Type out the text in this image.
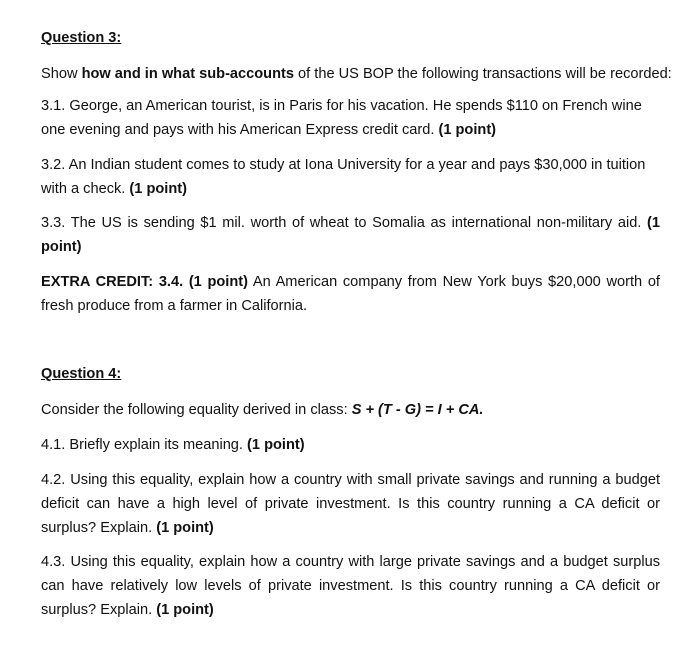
Question 3:

Show how and in what sub-accounts of the US BOP the following transactions will be recorded:

3.1. George, an American tourist, is in Paris for his vacation. He spends $110 on French wine one evening and pays with his American Express credit card. (1 point)

3.2. An Indian student comes to study at Iona University for a year and pays $30,000 in tuition with a check. (1 point)

3.3. The US is sending $1 mil. worth of wheat to Somalia as international non-military aid. (1 point)

EXTRA CREDIT: 3.4. (1 point) An American company from New York buys $20,000 worth of fresh produce from a farmer in California.

Question 4:

Consider the following equality derived in class: S + (T - G) = I + CA.

4.1. Briefly explain its meaning. (1 point)

4.2. Using this equality, explain how a country with small private savings and running a budget deficit can have a high level of private investment. Is this country running a CA deficit or surplus? Explain. (1 point)

4.3. Using this equality, explain how a country with large private savings and a budget surplus can have relatively low levels of private investment. Is this country running a CA deficit or surplus? Explain. (1 point)
